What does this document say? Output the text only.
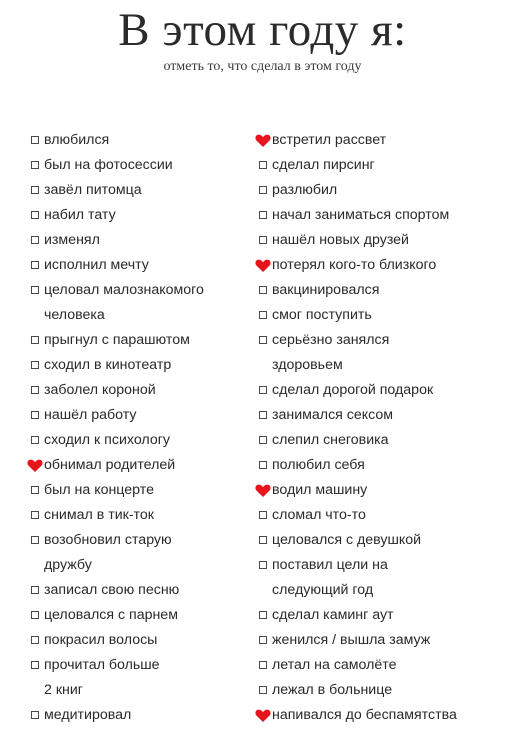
В этом году я:
отметь то, что сделал в этом году
влюбился
был на фотосессии
завёл питомца
набил тату
изменял
исполнил мечту
целовал малознакомого
человека
прыгнул с парашютом
сходил в кинотеатр
заболел короной
нашёл работу
сходил к психологу
обнимал родителей
был на концерте
снимал в тик-ток
возобновил старую
дружбу
записал свою песню
целовался с парнем
покрасил волосы
прочитал больше
2 книг
медитировал
встретил рассвет
сделал пирсинг
разлюбил
начал заниматься спортом
нашёл новых друзей
потерял кого-то близкого
вакцинировался
смог поступить
серьёзно занялся
здоровьем
сделал дорогой подарок
занимался сексом
слепил снеговика
полюбил себя
водил машину
сломал что-то
целовался с девушкой
поставил цели на
следующий год
сделал каминг аут
женился / вышла замуж
летал на самолёте
лежал в больнице
напивался до беспамятства
